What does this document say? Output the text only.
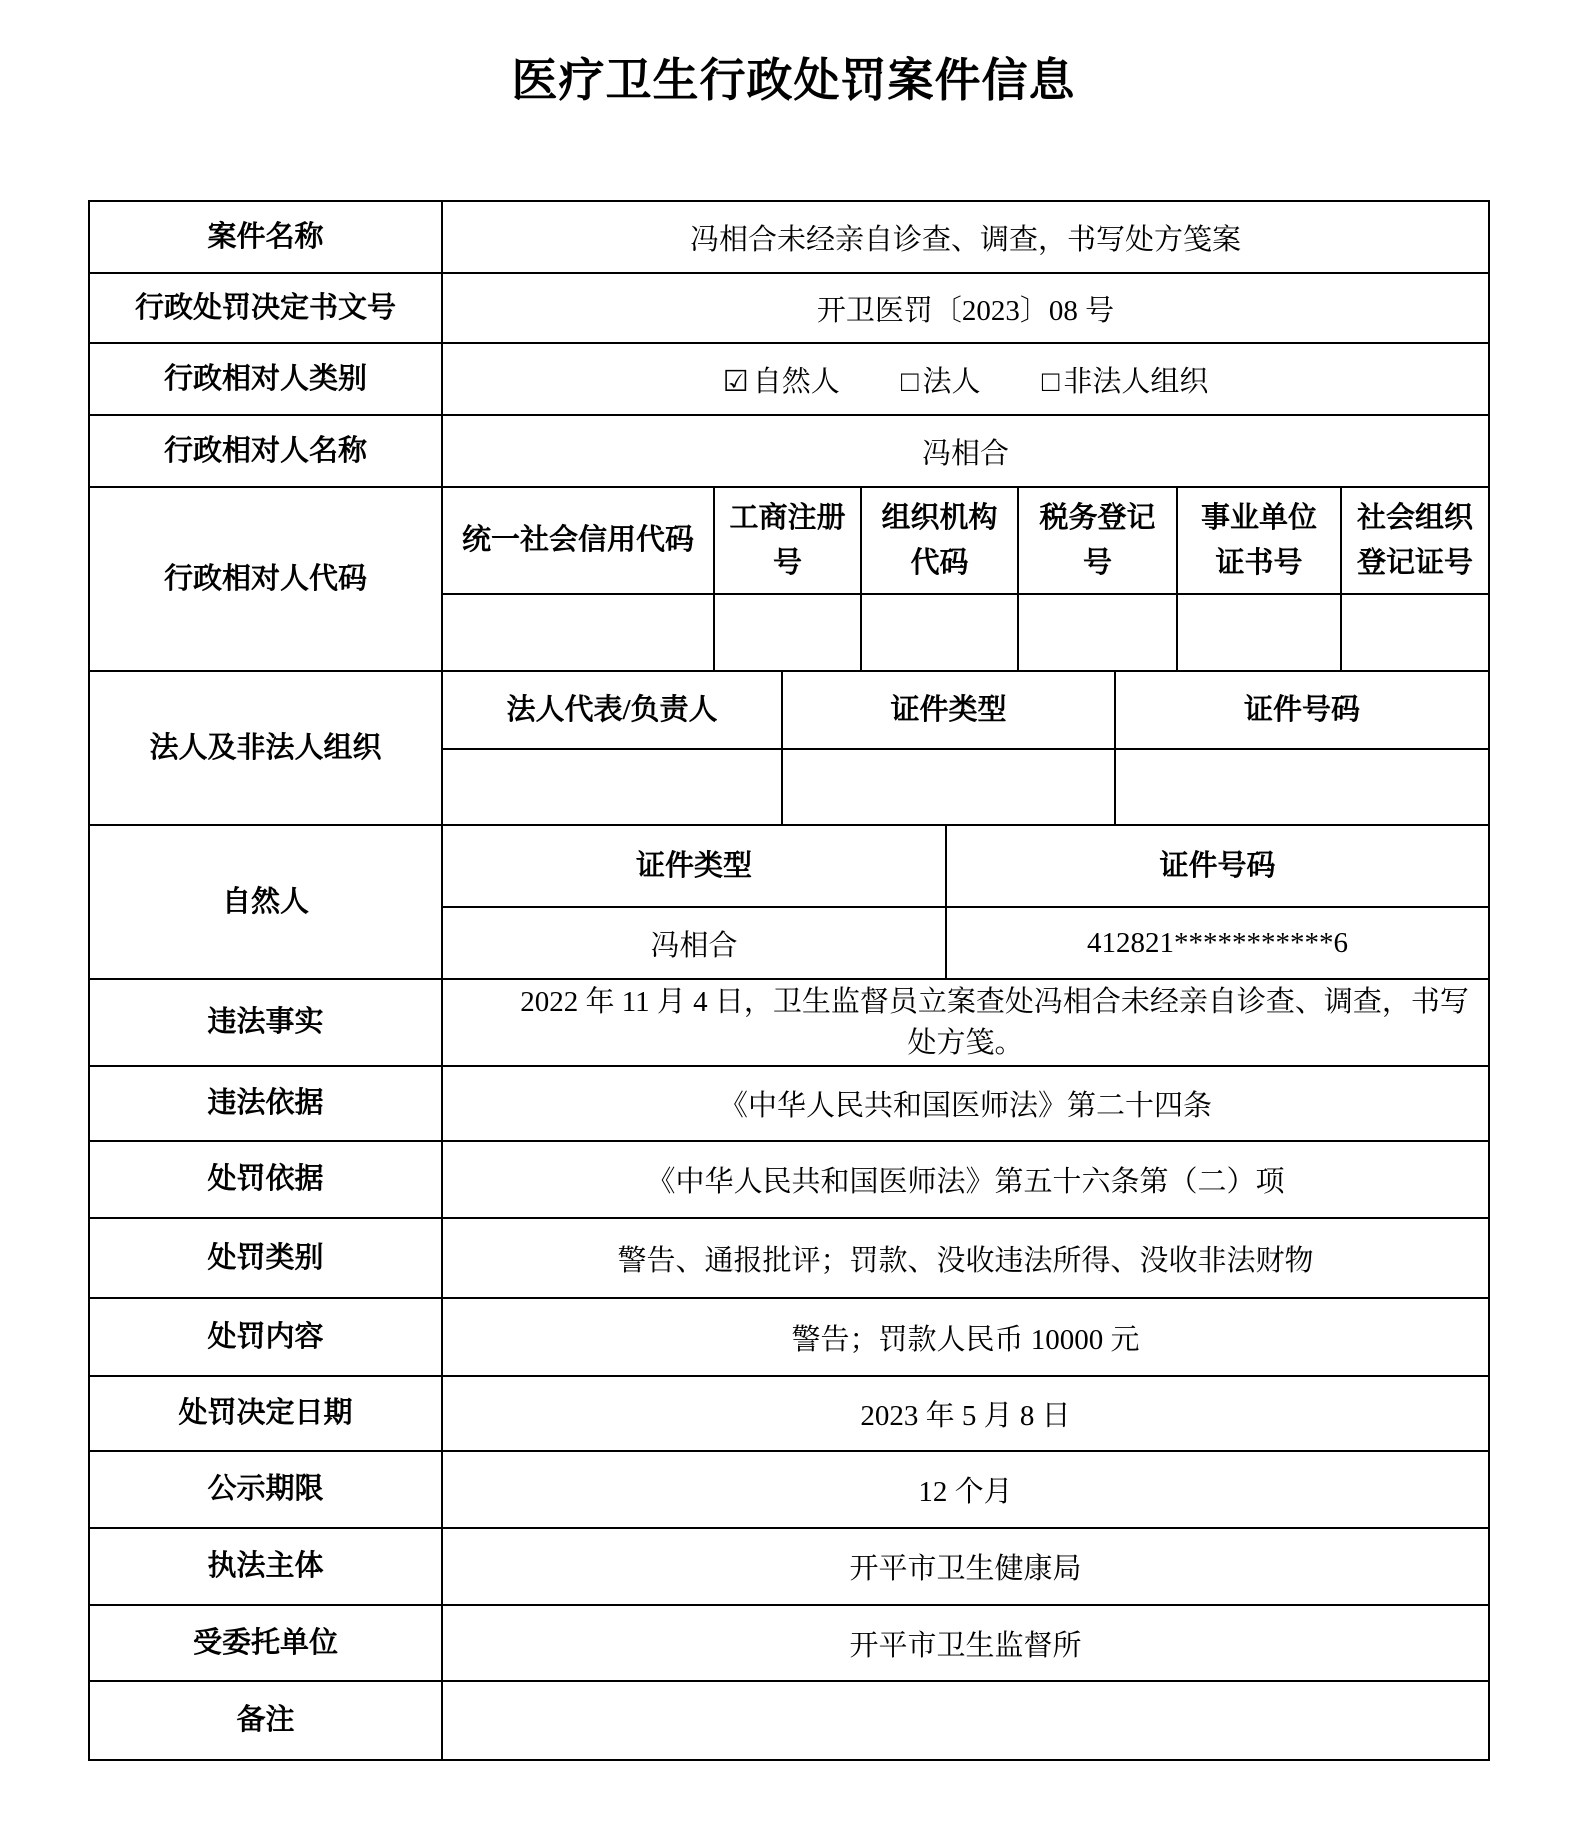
医疗卫生行政处罚案件信息
案件名称	冯相合未经亲自诊查、调查，书写处方笺案								
行政处罚决定书文号	开卫医罚〔2023〕08 号								
行政相对人类别	☑ 自然人 □ 法人 □ 非法人组织								
行政相对人名称	冯相合								
行政相对人代码	统一社会信用代码	工商注册号		组织机构代码		税务登记号		事业单位证书号	社会组织登记证号

法人及非法人组织	法人代表/负责人		证件类型				证件号码		

自然人	证件类型				证件号码				
	冯相合				412821***********6				
违法事实	2022 年 11 月 4 日，卫生监督员立案查处冯相合未经亲自诊查、调查，书写处方笺。								
违法依据	《中华人民共和国医师法》第二十四条								
处罚依据	《中华人民共和国医师法》第五十六条第（二）项								
处罚类别	警告、通报批评；罚款、没收违法所得、没收非法财物								
处罚内容	警告；罚款人民币 10000 元								
处罚决定日期	2023 年 5 月 8 日								
公示期限	12 个月								
执法主体	开平市卫生健康局								
受委托单位	开平市卫生监督所								
备注									
